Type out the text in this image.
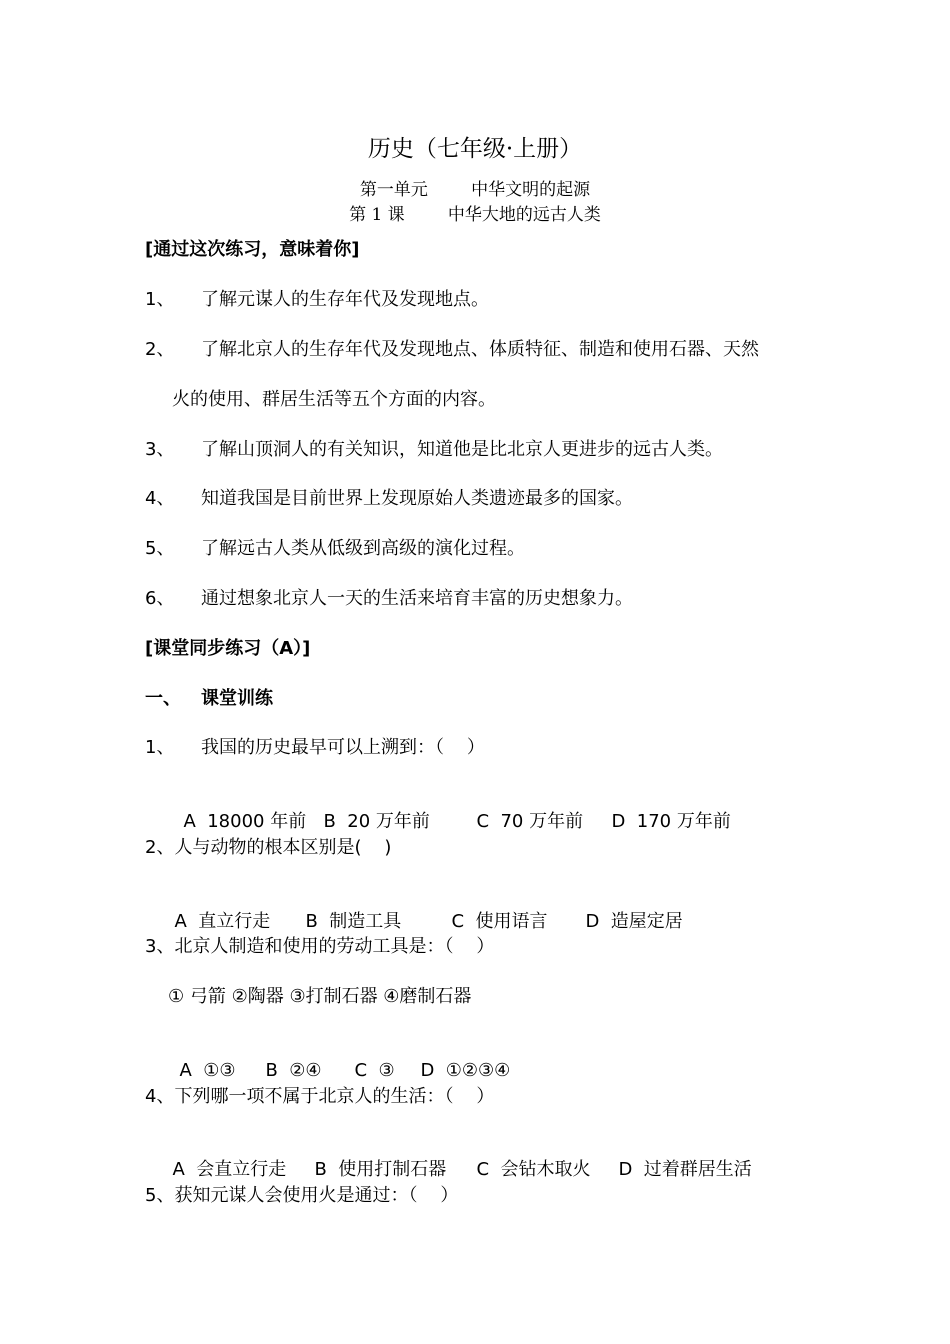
历史（七年级·上册）
第一单元        中华文明的起源
第 1 课        中华大地的远古人类
[通过这次练习，意味着你]
1、 了解元谋人的生存年代及发现地点。
2、 了解北京人的生存年代及发现地点、体质特征、制造和使用石器、天然
火的使用、群居生活等五个方面的内容。
3、 了解山顶洞人的有关知识，知道他是比北京人更进步的远古人类。
4、 知道我国是目前世界上发现原始人类遗迹最多的国家。
5、 了解远古人类从低级到高级的演化过程。
6、 通过想象北京人一天的生活来培育丰富的历史想象力。
[课堂同步练习（A）]
一、 课堂训练
1、 我国的历史最早可以上溯到：（    ）

A  18000 年前 B  20 万年前	C  70 万年前 D  170 万年前

2、人与动物的根本区别是(    )

A  直立行走 B  制造工具	C  使用语言 D  造屋定居

3、北京人制造和使用的劳动工具是：（    ）
① 弓箭 ②陶器 ③打制石器 ④磨制石器

A  ①③ B  ②④ C  ③ D  ①②③④

4、下列哪一项不属于北京人的生活：（    ）

A  会直立行走 B  使用打制石器 C  会钻木取火 D  过着群居生活

5、获知元谋人会使用火是通过：（    ）
